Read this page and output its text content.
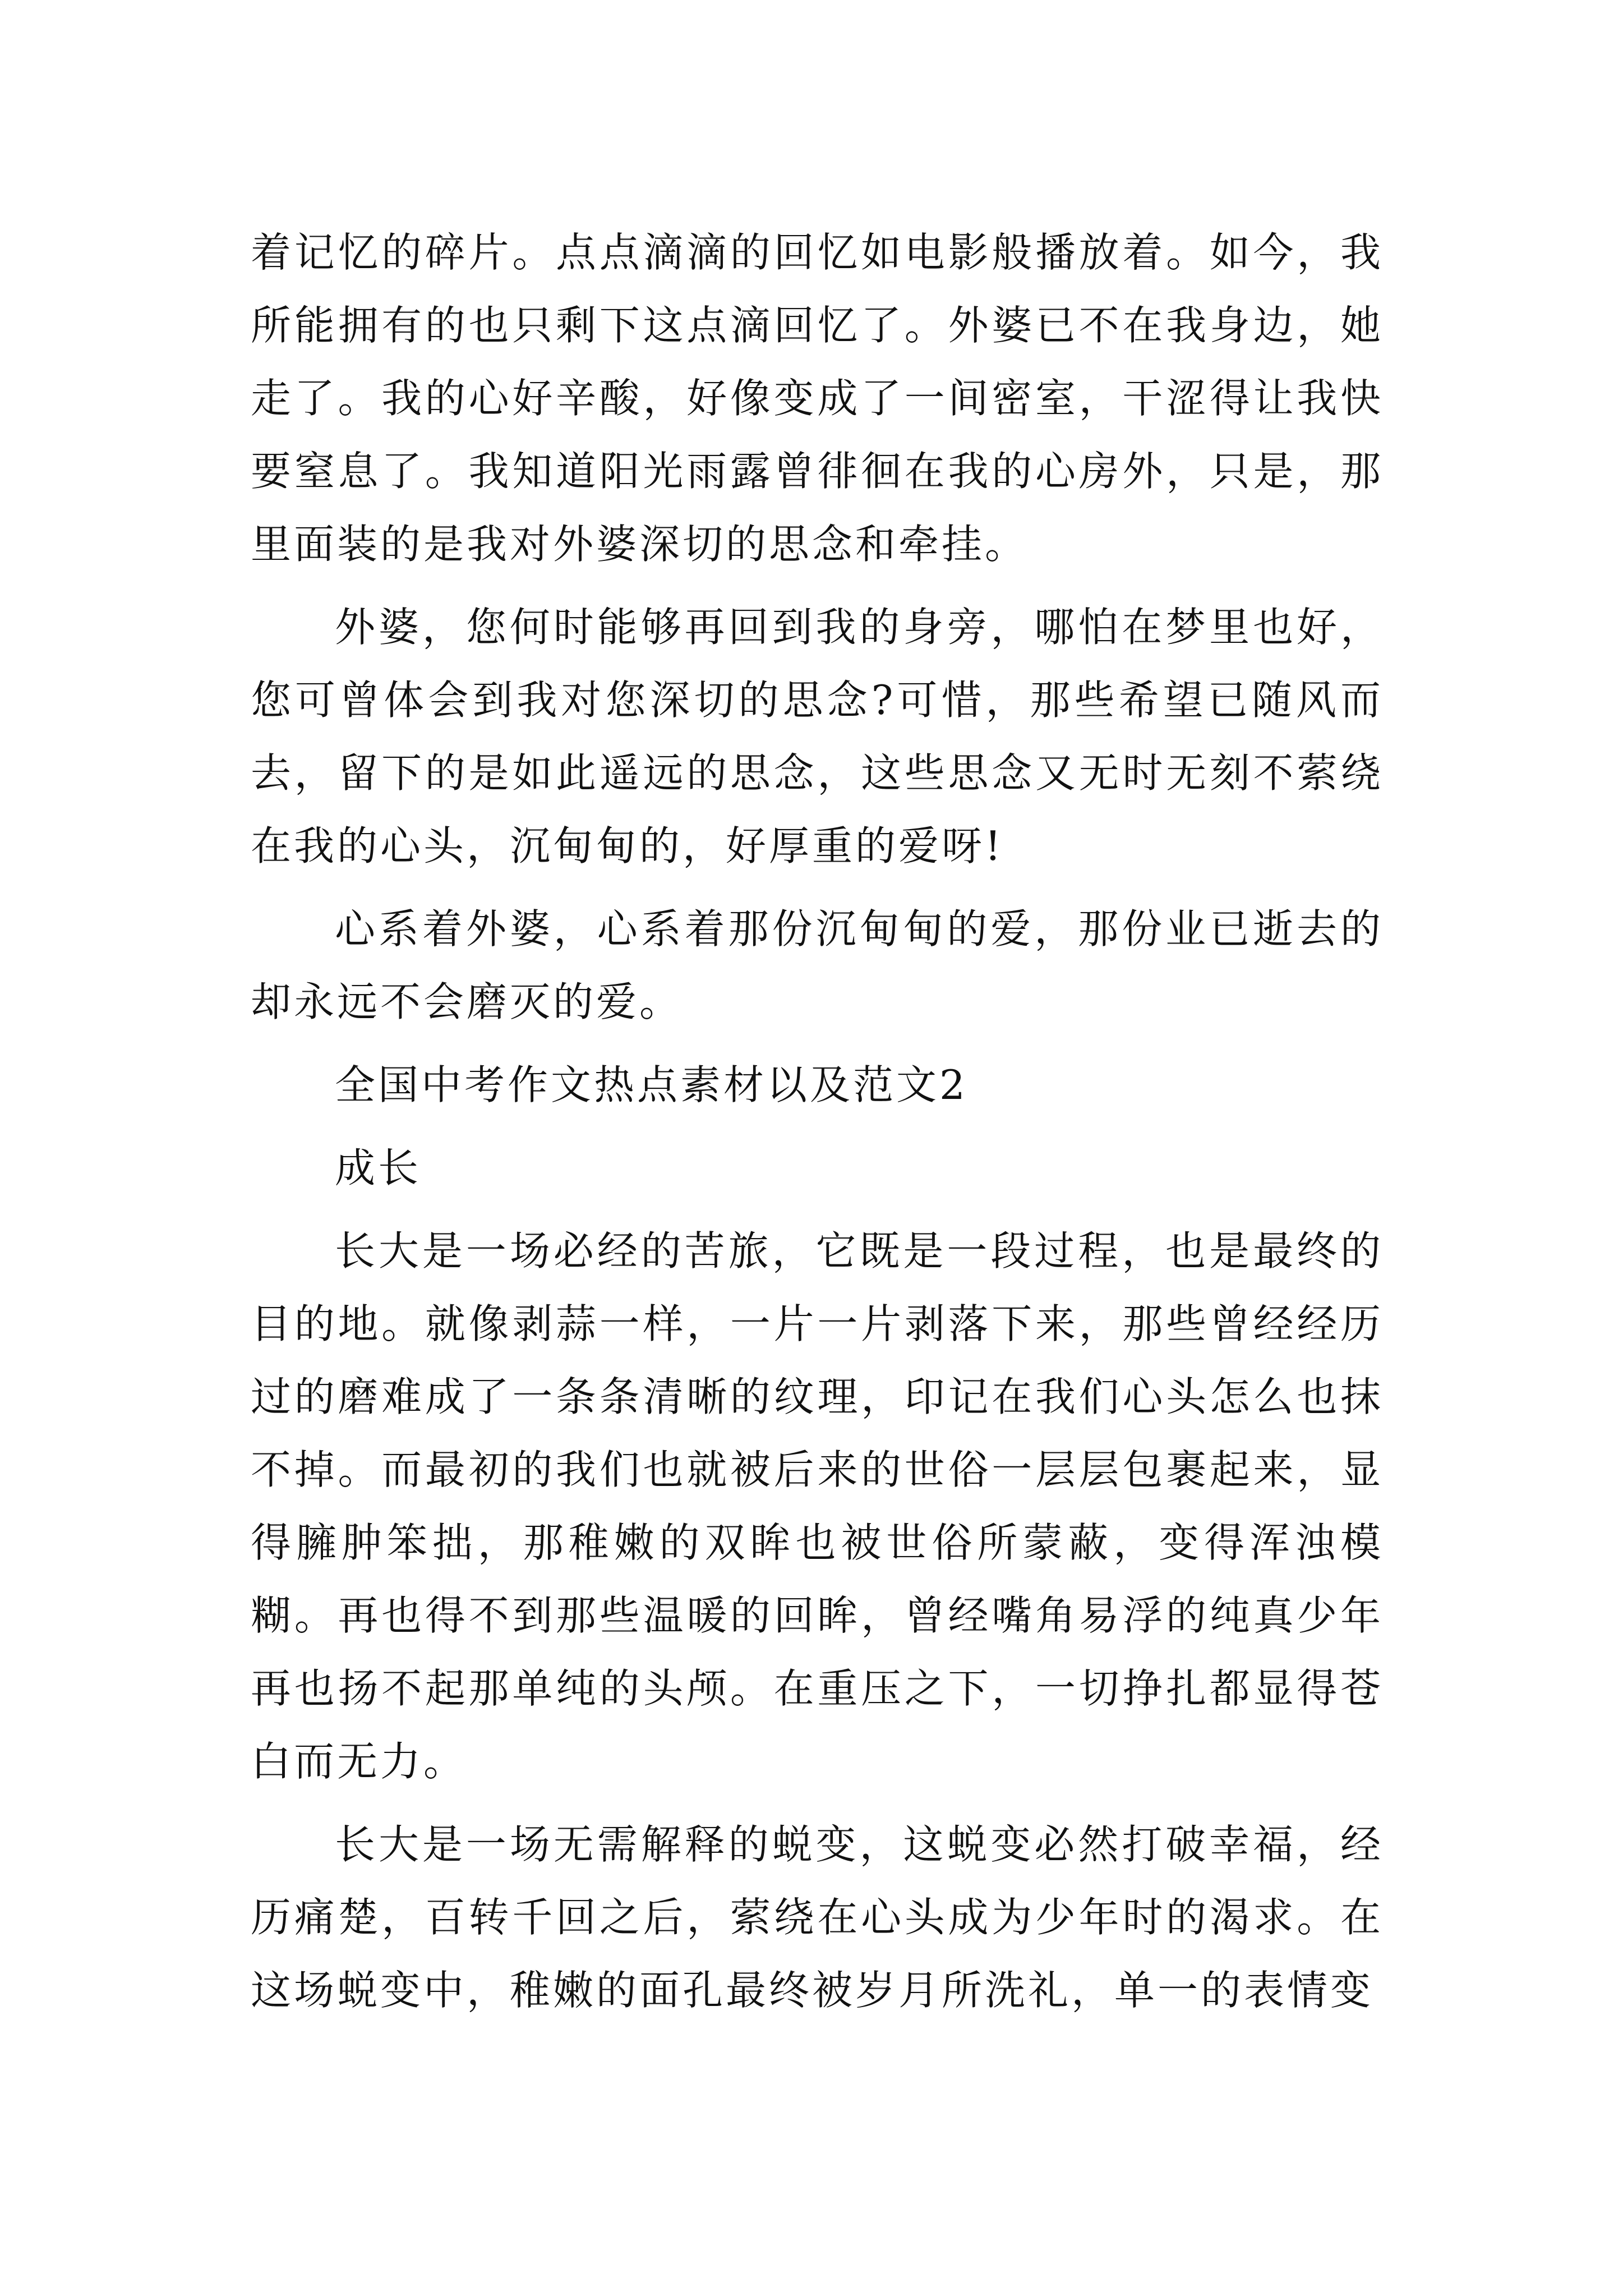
着记忆的碎片。点点滴滴的回忆如电影般播放着。如今，我所能拥有的也只剩下这点滴回忆了。外婆已不在我身边，她走了。我的心好辛酸，好像变成了一间密室，干涩得让我快要窒息了。我知道阳光雨露曾徘徊在我的心房外，只是，那里面装的是我对外婆深切的思念和牵挂。

外婆，您何时能够再回到我的身旁，哪怕在梦里也好，您可曾体会到我对您深切的思念?可惜，那些希望已随风而去，留下的是如此遥远的思念，这些思念又无时无刻不萦绕在我的心头，沉甸甸的，好厚重的爱呀!

心系着外婆，心系着那份沉甸甸的爱，那份业已逝去的却永远不会磨灭的爱。

全国中考作文热点素材以及范文2

成长

长大是一场必经的苦旅，它既是一段过程，也是最终的目的地。就像剥蒜一样，一片一片剥落下来，那些曾经经历过的磨难成了一条条清晰的纹理，印记在我们心头怎么也抹不掉。而最初的我们也就被后来的世俗一层层包裹起来，显得臃肿笨拙，那稚嫩的双眸也被世俗所蒙蔽，变得浑浊模糊。再也得不到那些温暖的回眸，曾经嘴角易浮的纯真少年再也扬不起那单纯的头颅。在重压之下，一切挣扎都显得苍白而无力。

长大是一场无需解释的蜕变，这蜕变必然打破幸福，经历痛楚，百转千回之后，萦绕在心头成为少年时的渴求。在这场蜕变中，稚嫩的面孔最终被岁月所洗礼，单一的表情变
